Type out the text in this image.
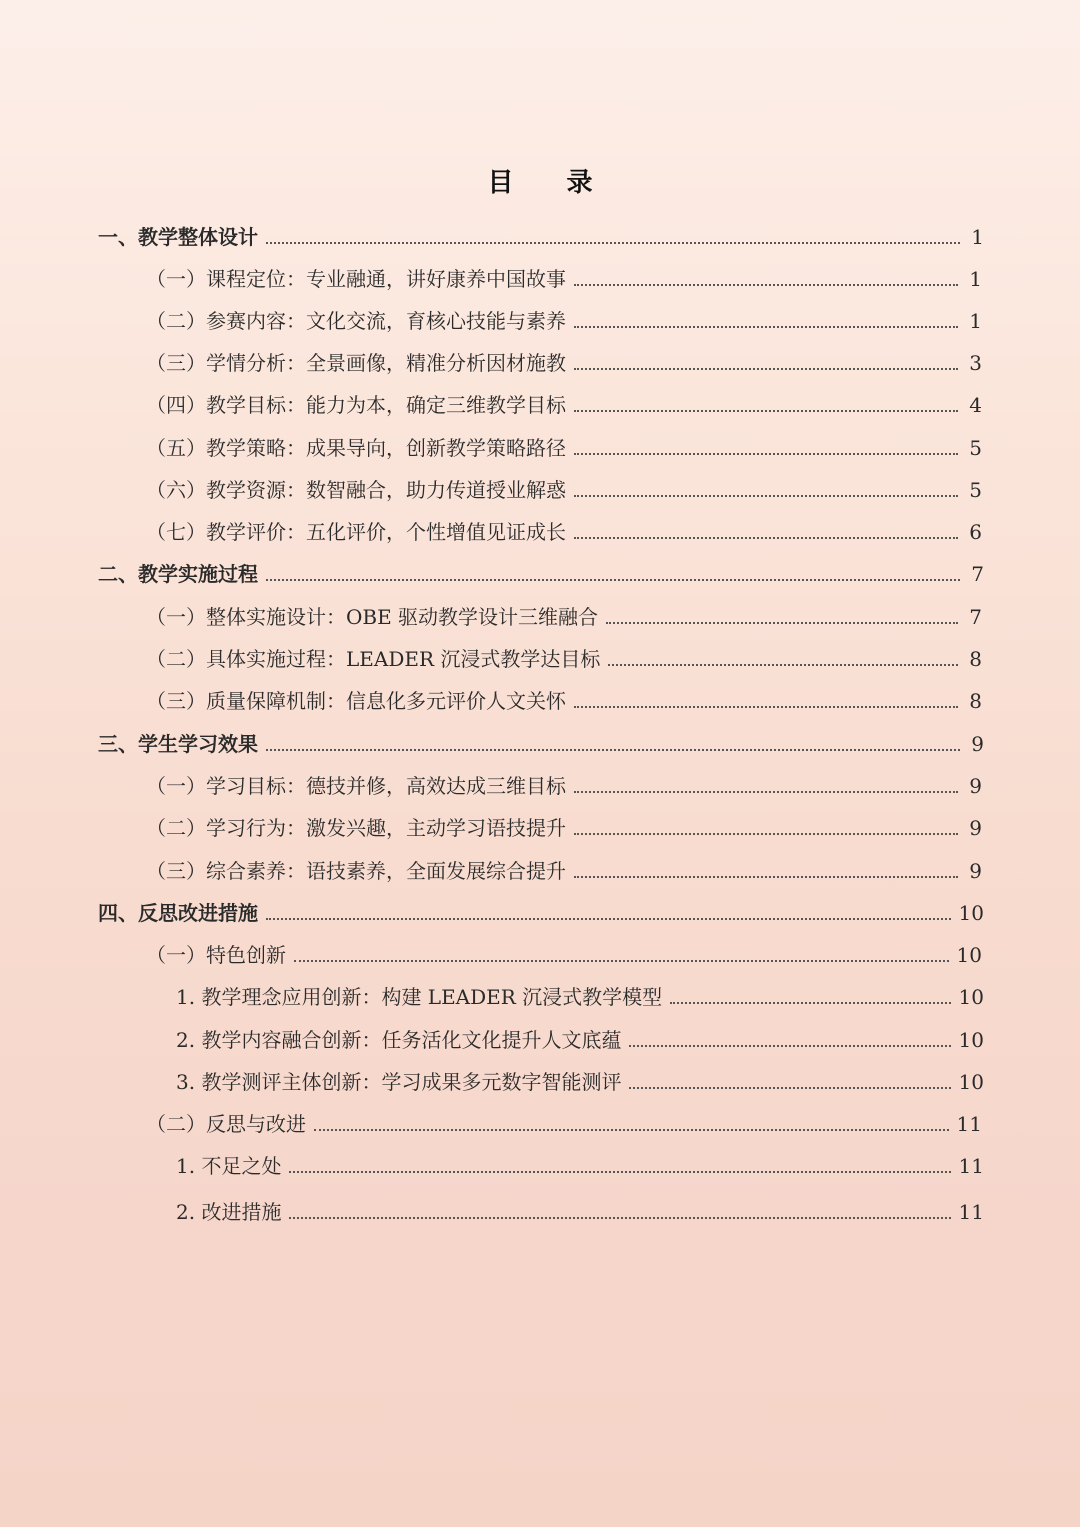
目 录
一、教学整体设计	1
（一）课程定位：专业融通，讲好康养中国故事	1
（二）参赛内容：文化交流，育核心技能与素养	1
（三）学情分析：全景画像，精准分析因材施教	3
（四）教学目标：能力为本，确定三维教学目标	4
（五）教学策略：成果导向，创新教学策略路径	5
（六）教学资源：数智融合，助力传道授业解惑	5
（七）教学评价：五化评价，个性增值见证成长	6
二、教学实施过程	7
（一）整体实施设计：OBE 驱动教学设计三维融合	7
（二）具体实施过程：LEADER 沉浸式教学达目标	8
（三）质量保障机制：信息化多元评价人文关怀	8
三、学生学习效果	9
（一）学习目标：德技并修，高效达成三维目标	9
（二）学习行为：激发兴趣，主动学习语技提升	9
（三）综合素养：语技素养，全面发展综合提升	9
四、反思改进措施	10
（一）特色创新	10
1. 教学理念应用创新：构建 LEADER 沉浸式教学模型	10
2. 教学内容融合创新：任务活化文化提升人文底蕴	10
3. 教学测评主体创新：学习成果多元数字智能测评	10
（二）反思与改进	11
1. 不足之处	11
2. 改进措施	11
